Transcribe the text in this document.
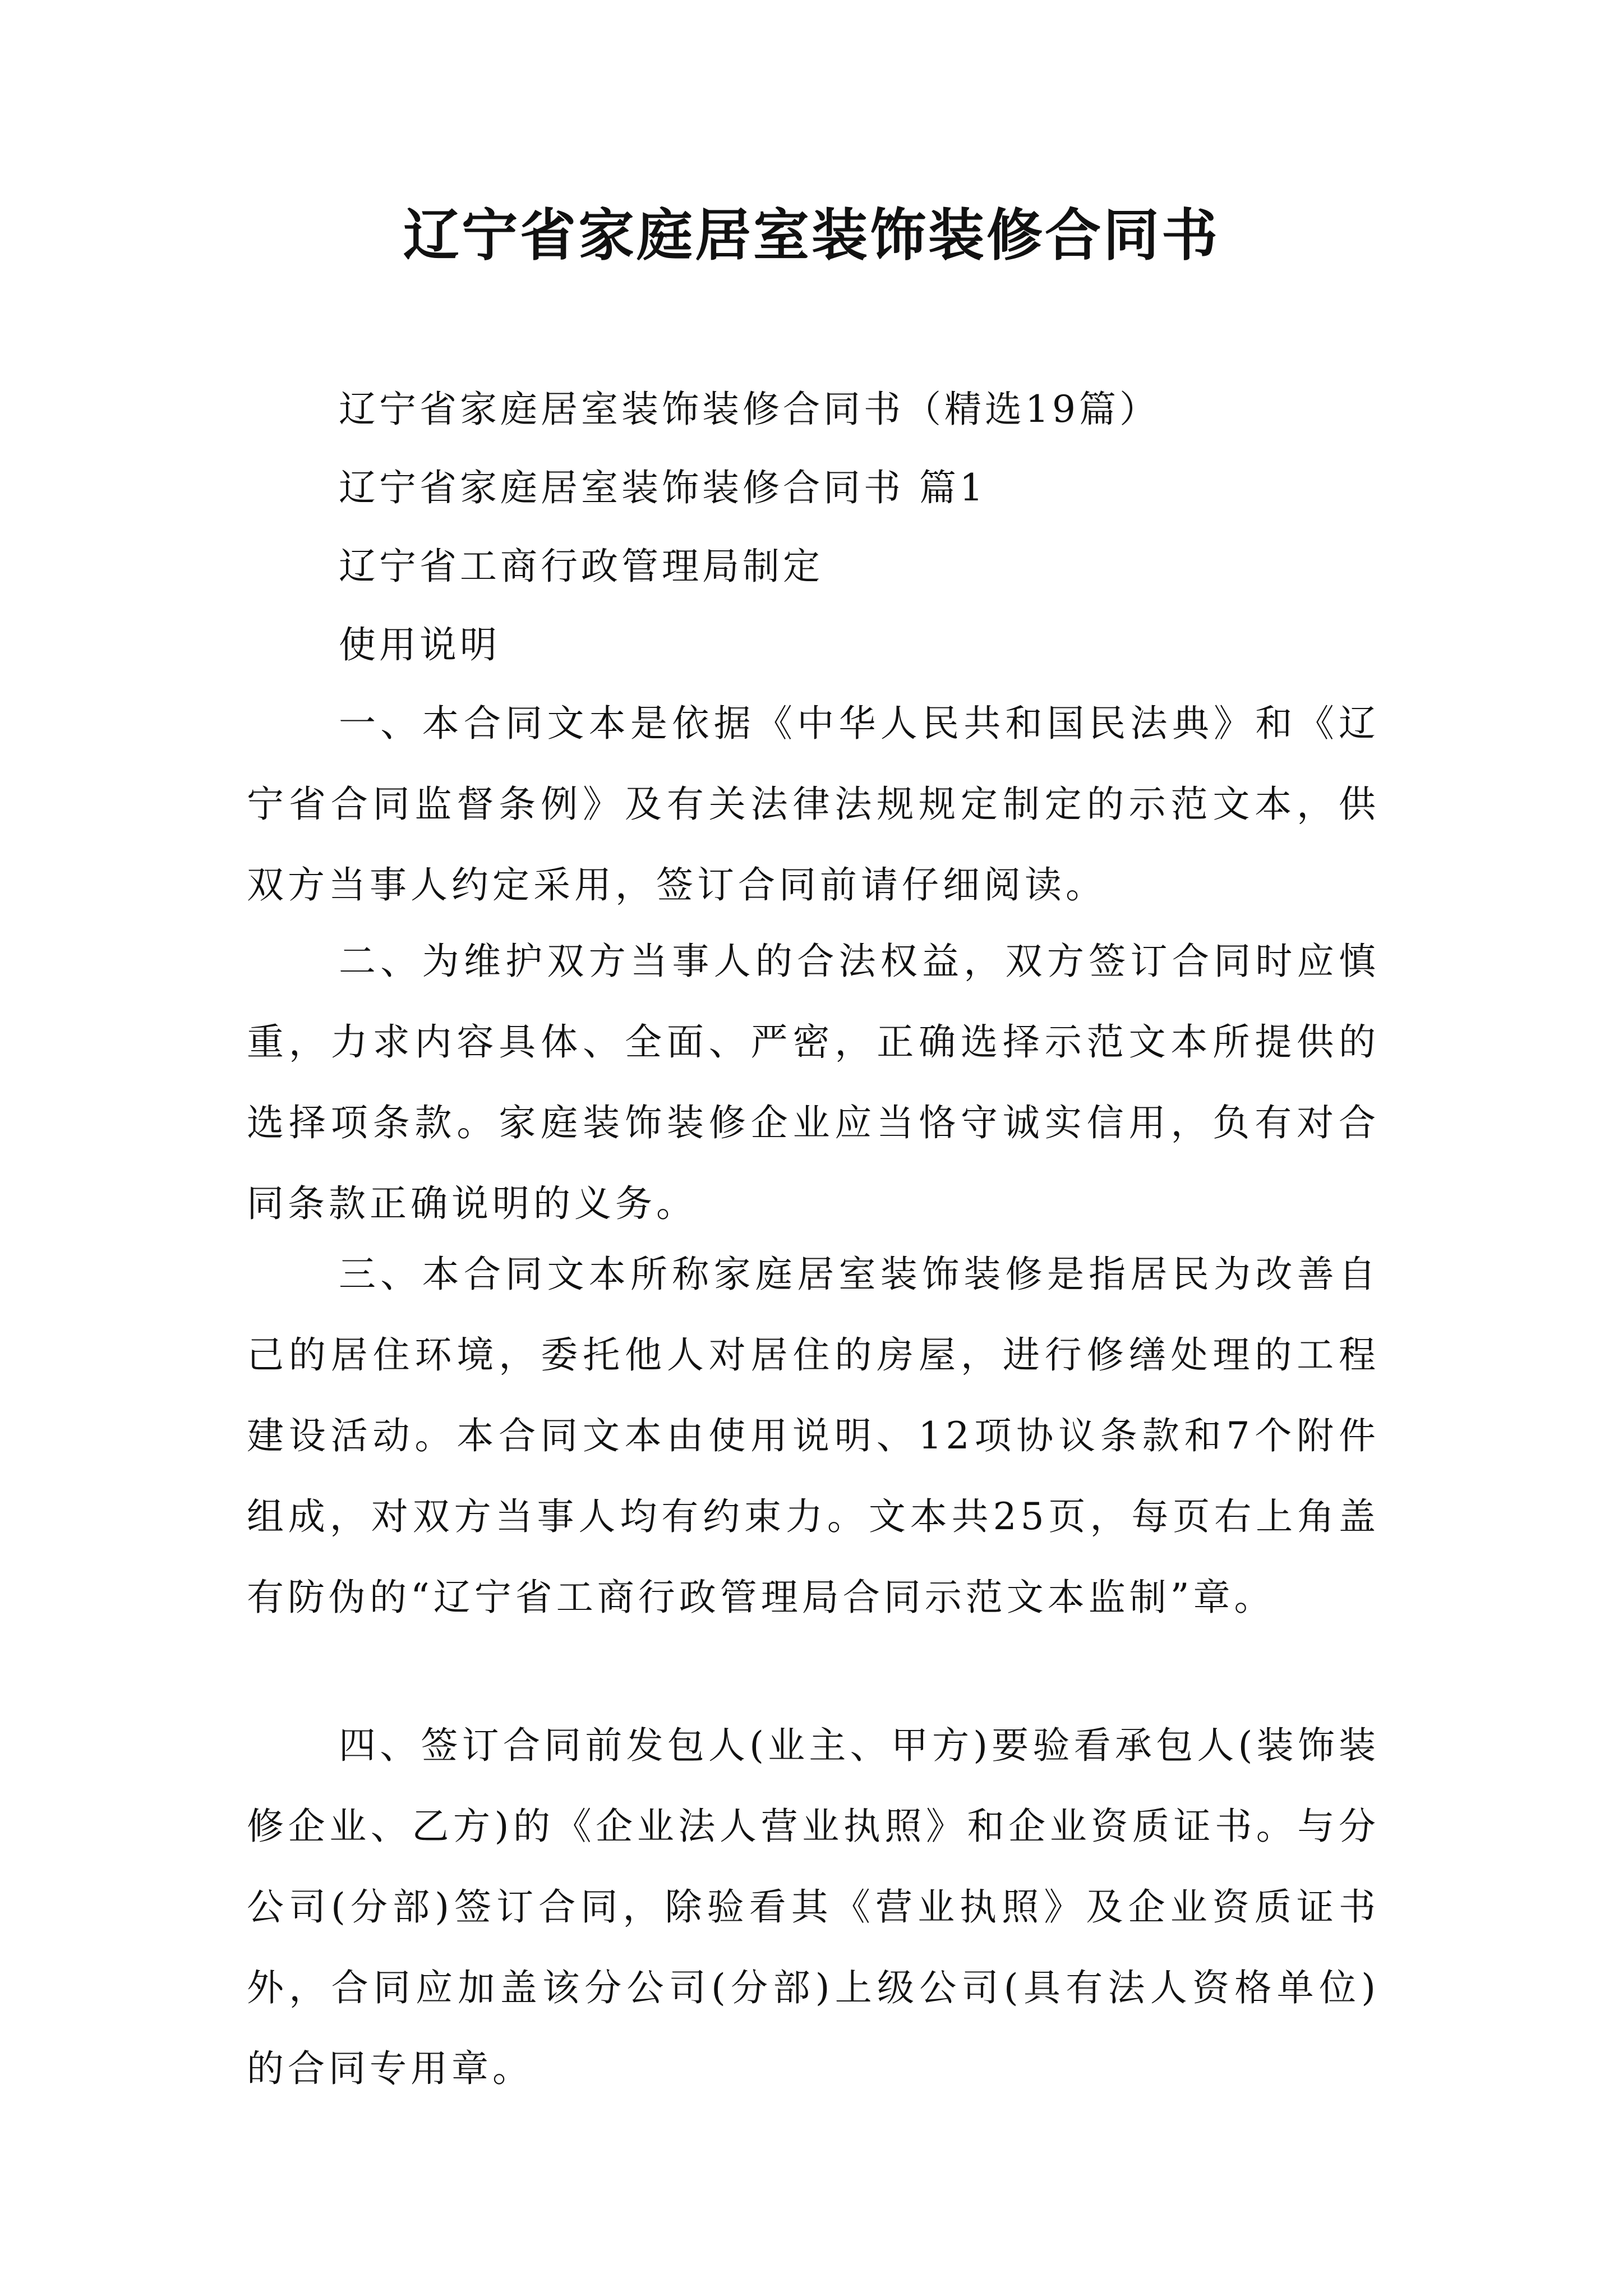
辽宁省家庭居室装饰装修合同书

辽宁省家庭居室装饰装修合同书（精选19篇）

辽宁省家庭居室装饰装修合同书 篇1

辽宁省工商行政管理局制定

使用说明

一、本合同文本是依据《中华人民共和国民法典》和《辽宁省合同监督条例》及有关法律法规规定制定的示范文本，供双方当事人约定采用，签订合同前请仔细阅读。

二、为维护双方当事人的合法权益，双方签订合同时应慎重，力求内容具体、全面、严密，正确选择示范文本所提供的选择项条款。家庭装饰装修企业应当恪守诚实信用，负有对合同条款正确说明的义务。

三、本合同文本所称家庭居室装饰装修是指居民为改善自己的居住环境，委托他人对居住的房屋，进行修缮处理的工程建设活动。本合同文本由使用说明、12项协议条款和7个附件组成，对双方当事人均有约束力。文本共25页，每页右上角盖有防伪的“辽宁省工商行政管理局合同示范文本监制”章。

四、签订合同前发包人(业主、甲方)要验看承包人(装饰装修企业、乙方)的《企业法人营业执照》和企业资质证书。与分公司(分部)签订合同，除验看其《营业执照》及企业资质证书外，合同应加盖该分公司(分部)上级公司(具有法人资格单位)的合同专用章。
